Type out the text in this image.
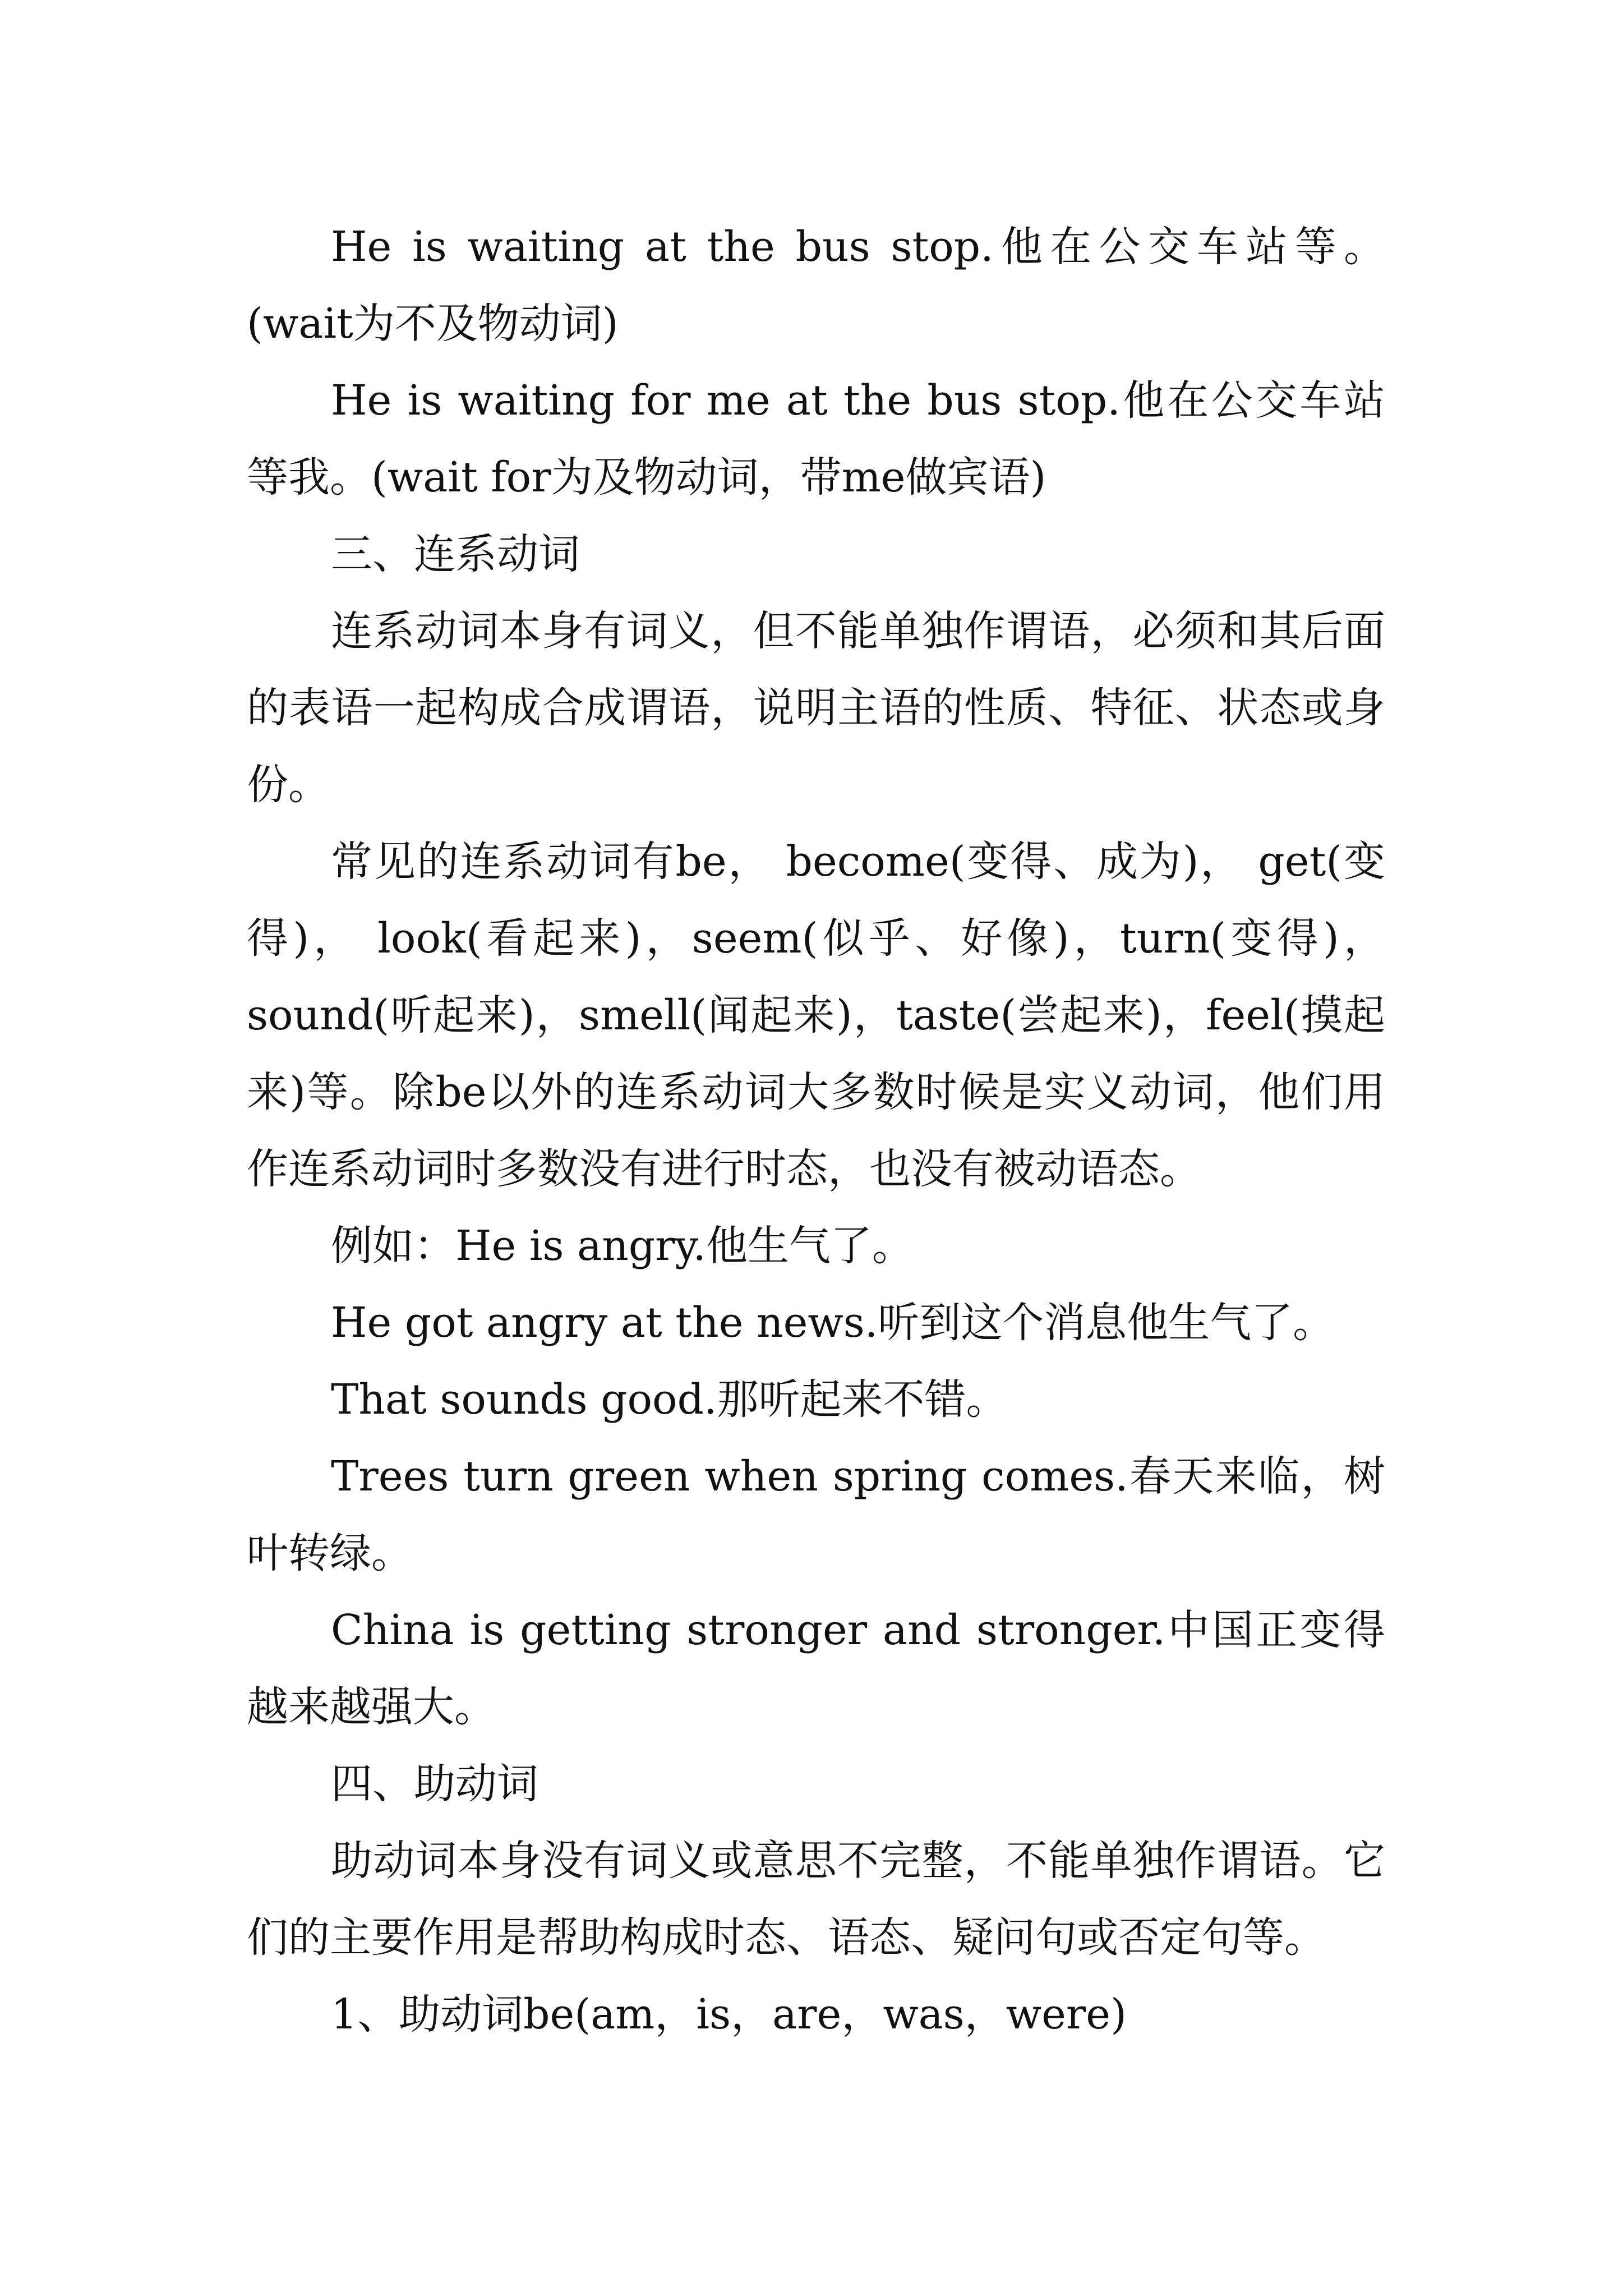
He is waiting at the bus stop.他在公交车站等。(wait为不及物动词)

He is waiting for me at the bus stop.他在公交车站等我。(wait for为及物动词，带me做宾语)

三、连系动词

连系动词本身有词义，但不能单独作谓语，必须和其后面的表语一起构成合成谓语，说明主语的性质、特征、状态或身份。

常见的连系动词有be， become(变得、成为)， get(变得)， look(看起来)，seem(似乎、好像)，turn(变得)，sound(听起来)，smell(闻起来)，taste(尝起来)，feel(摸起来)等。除be以外的连系动词大多数时候是实义动词，他们用作连系动词时多数没有进行时态，也没有被动语态。

例如：He is angry.他生气了。

He got angry at the news.听到这个消息他生气了。

That sounds good.那听起来不错。

Trees turn green when spring comes.春天来临，树叶转绿。

China is getting stronger and stronger.中国正变得越来越强大。

四、助动词

助动词本身没有词义或意思不完整，不能单独作谓语。它们的主要作用是帮助构成时态、语态、疑问句或否定句等。

1、助动词be(am，is，are，was，were)
